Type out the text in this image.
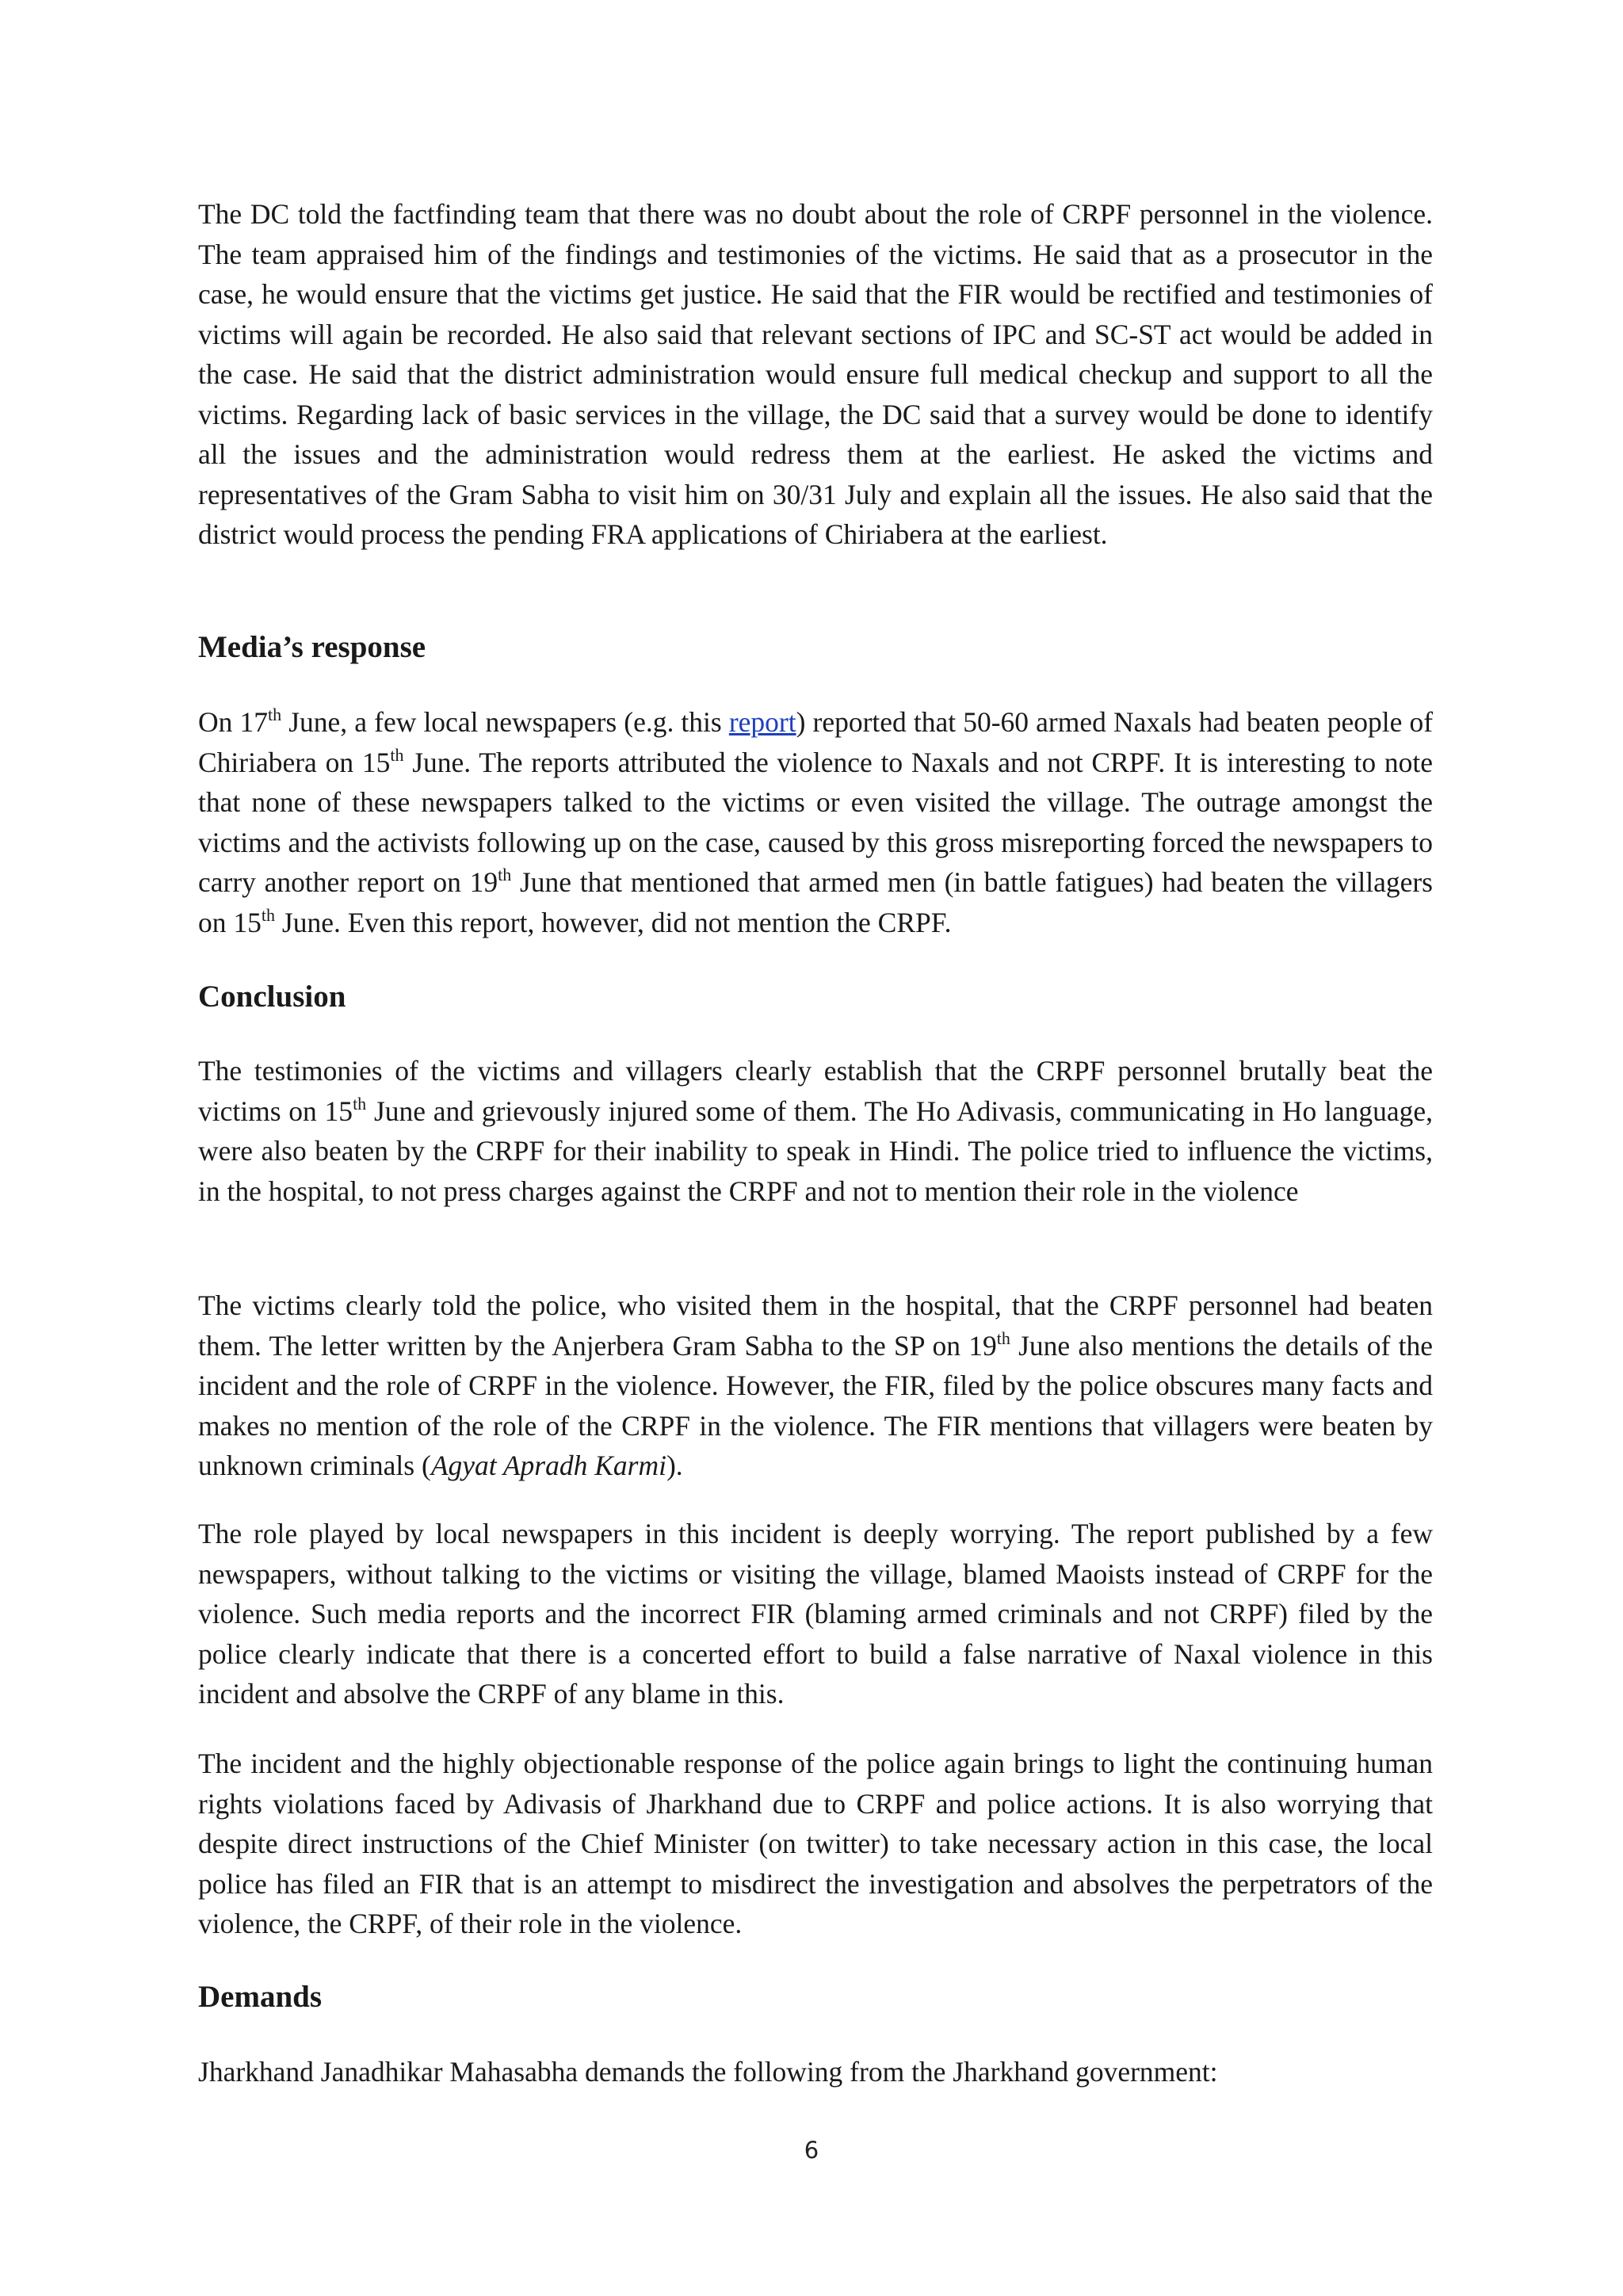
The DC told the factfinding team that there was no doubt about the role of CRPF personnel in the violence. The team appraised him of the findings and testimonies of the victims. He said that as a prosecutor in the case, he would ensure that the victims get justice. He said that the FIR would be rectified and testimonies of victims will again be recorded. He also said that relevant sections of IPC and SC-ST act would be added in the case. He said that the district administration would ensure full medical checkup and support to all the victims. Regarding lack of basic services in the village, the DC said that a survey would be done to identify all the issues and the administration would redress them at the earliest. He asked the victims and representatives of the Gram Sabha to visit him on 30/31 July and explain all the issues. He also said that the district would process the pending FRA applications of Chiriabera at the earliest.

Media’s response

On 17th June, a few local newspapers (e.g. this report) reported that 50-60 armed Naxals had beaten people of Chiriabera on 15th June. The reports attributed the violence to Naxals and not CRPF. It is interesting to note that none of these newspapers talked to the victims or even visited the village. The outrage amongst the victims and the activists following up on the case, caused by this gross misreporting forced the newspapers to carry another report on 19th June that mentioned that armed men (in battle fatigues) had beaten the villagers on 15th June. Even this report, however, did not mention the CRPF.

Conclusion

The testimonies of the victims and villagers clearly establish that the CRPF personnel brutally beat the victims on 15th June and grievously injured some of them. The Ho Adivasis, communicating in Ho language, were also beaten by the CRPF for their inability to speak in Hindi. The police tried to influence the victims, in the hospital, to not press charges against the CRPF and not to mention their role in the violence

The victims clearly told the police, who visited them in the hospital, that the CRPF personnel had beaten them. The letter written by the Anjerbera Gram Sabha to the SP on 19th June also mentions the details of the incident and the role of CRPF in the violence. However, the FIR, filed by the police obscures many facts and makes no mention of the role of the CRPF in the violence. The FIR mentions that villagers were beaten by unknown criminals (Agyat Apradh Karmi).

The role played by local newspapers in this incident is deeply worrying. The report published by a few newspapers, without talking to the victims or visiting the village, blamed Maoists instead of CRPF for the violence. Such media reports and the incorrect FIR (blaming armed criminals and not CRPF) filed by the police clearly indicate that there is a concerted effort to build a false narrative of Naxal violence in this incident and absolve the CRPF of any blame in this.

The incident and the highly objectionable response of the police again brings to light the continuing human rights violations faced by Adivasis of Jharkhand due to CRPF and police actions. It is also worrying that despite direct instructions of the Chief Minister (on twitter) to take necessary action in this case, the local police has filed an FIR that is an attempt to misdirect the investigation and absolves the perpetrators of the violence, the CRPF, of their role in the violence.

Demands

Jharkhand Janadhikar Mahasabha demands the following from the Jharkhand government:

6
